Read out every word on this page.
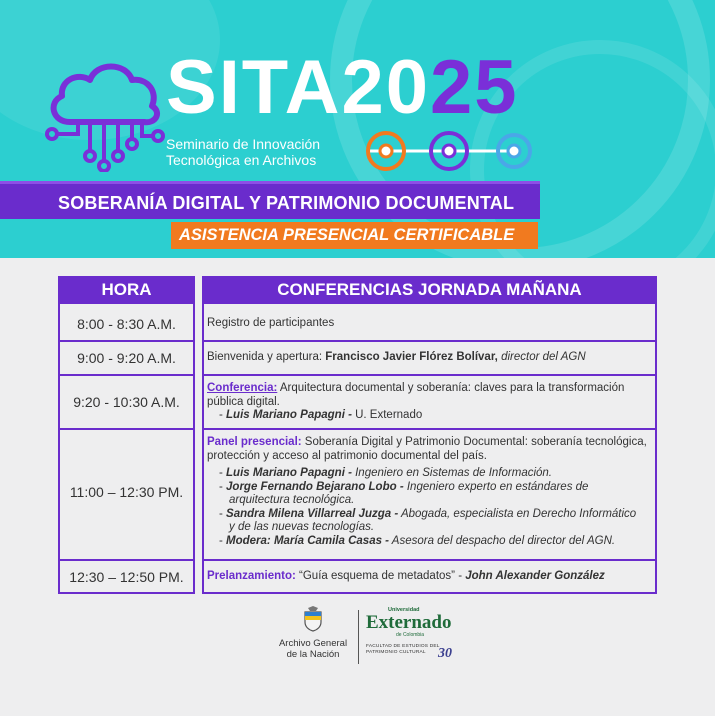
SITA2025
Seminario de Innovación
Tecnológica en Archivos
SOBERANÍA DIGITAL Y PATRIMONIO DOCUMENTAL
ASISTENCIA PRESENCIAL CERTIFICABLE
HORA	CONFERENCIAS JORNADA MAÑANA
8:00 - 8:30 A.M.
9:00 - 9:20 A.M.
9:20 - 10:30 A.M.
11:00 – 12:30 PM.
12:30 – 12:50 PM.
Registro de participantes
Bienvenida y apertura: Francisco Javier Flórez Bolívar, director del AGN
Conferencia: Arquitectura documental y soberanía: claves para la transformación pública digital.
- Luis Mariano Papagni - U. Externado
Panel presencial: Soberanía Digital y Patrimonio Documental: soberanía tecnológica, protección y acceso al patrimonio documental del país.
- Luis Mariano Papagni - Ingeniero en Sistemas de Información.
- Jorge Fernando Bejarano Lobo - Ingeniero experto en estándares de
arquitectura tecnológica.
- Sandra Milena Villarreal Juzga - Abogada, especialista en Derecho Informático
y de las nuevas tecnologías.
- Modera: María Camila Casas - Asesora del despacho del director del AGN.
Prelanzamiento: “Guía esquema de metadatos” - John Alexander González
Archivo General
de la Nación
Universidad
Externado
de Colombia
FACULTAD DE ESTUDIOS DEL
PATRIMONIO CULTURAL 30
